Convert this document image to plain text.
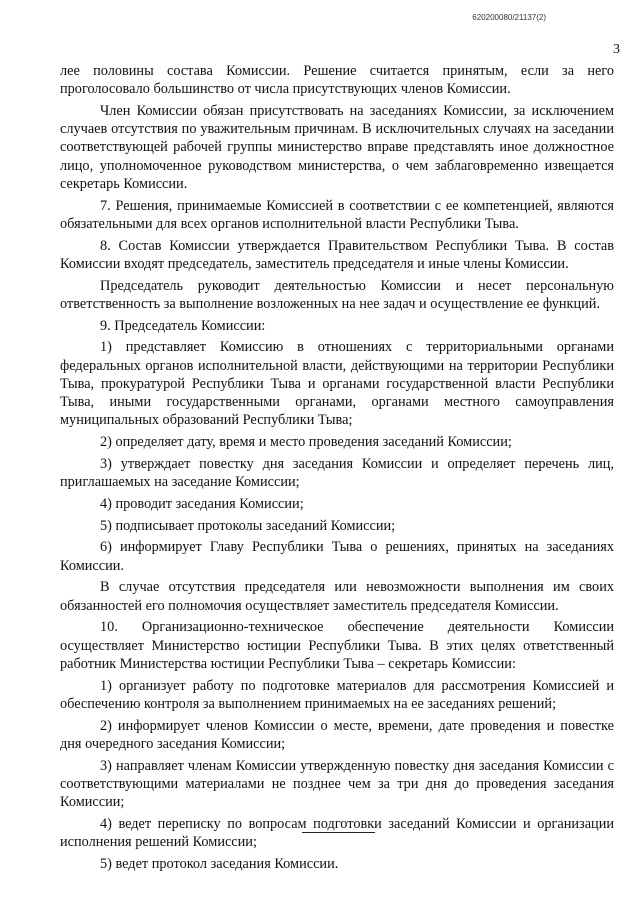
620200080/21137(2)
3

лее половины состава Комиссии. Решение считается принятым, если за него проголосовало большинство от числа присутствующих членов Комиссии.

Член Комиссии обязан присутствовать на заседаниях Комиссии, за исключением случаев отсутствия по уважительным причинам. В исключительных случаях на заседании соответствующей рабочей группы министерство вправе представлять иное должностное лицо, уполномоченное руководством министерства, о чем заблаговременно извещается секретарь Комиссии.

7. Решения, принимаемые Комиссией в соответствии с ее компетенцией, являются обязательными для всех органов исполнительной власти Республики Тыва.

8. Состав Комиссии утверждается Правительством Республики Тыва. В состав Комиссии входят председатель, заместитель председателя и иные члены Комиссии.

Председатель руководит деятельностью Комиссии и несет персональную ответственность за выполнение возложенных на нее задач и осуществление ее функций.

9. Председатель Комиссии:

1) представляет Комиссию в отношениях с территориальными органами федеральных органов исполнительной власти, действующими на территории Республики Тыва, прокуратурой Республики Тыва и органами государственной власти Республики Тыва, иными государственными органами, органами местного самоуправления муниципальных образований Республики Тыва;

2) определяет дату, время и место проведения заседаний Комиссии;

3) утверждает повестку дня заседания Комиссии и определяет перечень лиц, приглашаемых на заседание Комиссии;

4) проводит заседания Комиссии;

5) подписывает протоколы заседаний Комиссии;

6) информирует Главу Республики Тыва о решениях, принятых на заседаниях Комиссии.

В случае отсутствия председателя или невозможности выполнения им своих обязанностей его полномочия осуществляет заместитель председателя Комиссии.

10. Организационно-техническое обеспечение деятельности Комиссии осуществляет Министерство юстиции Республики Тыва. В этих целях ответственный работник Министерства юстиции Республики Тыва – секретарь Комиссии:

1) организует работу по подготовке материалов для рассмотрения Комиссией и обеспечению контроля за выполнением принимаемых на ее заседаниях решений;

2) информирует членов Комиссии о месте, времени, дате проведения и повестке дня очередного заседания Комиссии;

3) направляет членам Комиссии утвержденную повестку дня заседания Комиссии с соответствующими материалами не позднее чем за три дня до проведения заседания Комиссии;

4) ведет переписку по вопросам подготовки заседаний Комиссии и организации исполнения решений Комиссии;

5) ведет протокол заседания Комиссии.
